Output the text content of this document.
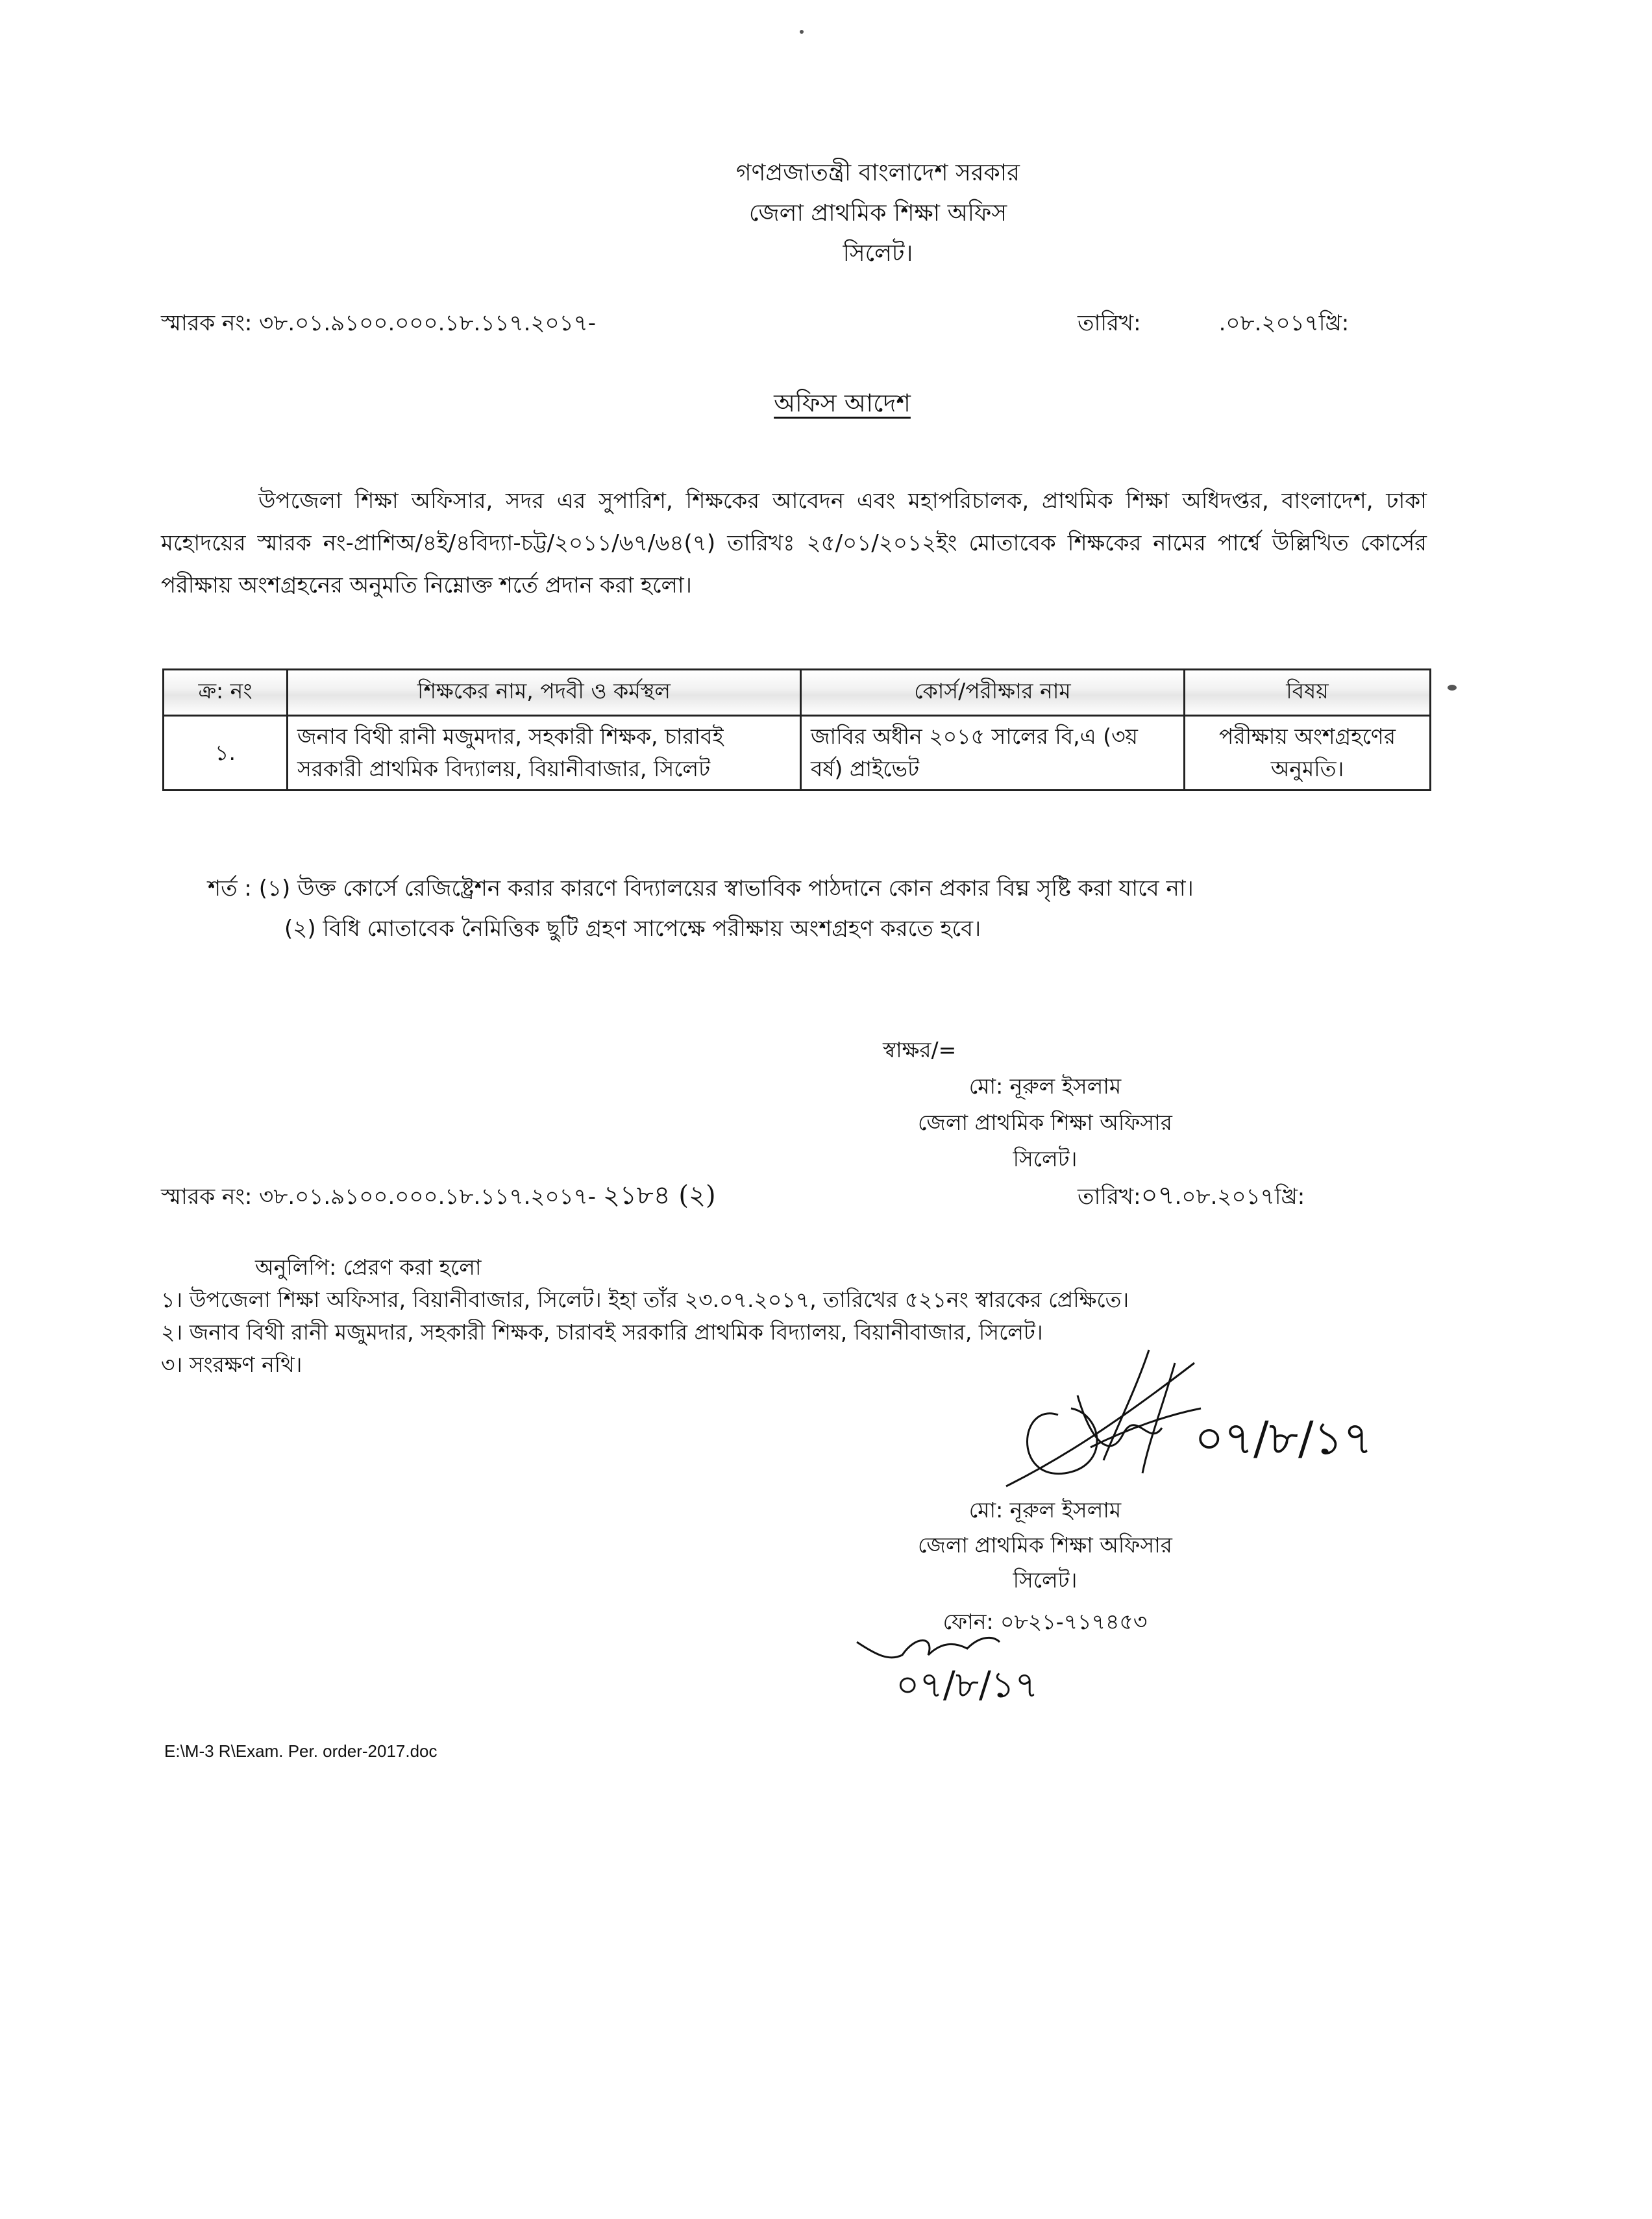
গণপ্রজাতন্ত্রী বাংলাদেশ সরকার
জেলা প্রাথমিক শিক্ষা অফিস
সিলেট।
স্মারক নং: ৩৮.০১.৯১০০.০০০.১৮.১১৭.২০১৭-	তারিখ:	.০৮.২০১৭খ্রি:
অফিস আদেশ

উপজেলা শিক্ষা অফিসার, সদর এর সুপারিশ, শিক্ষকের আবেদন এবং মহাপরিচালক, প্রাথমিক শিক্ষা অধিদপ্তর, বাংলাদেশ, ঢাকা মহোদয়ের স্মারক নং-প্রাশিঅ/৪ই/৪বিদ্যা-চট্ট/২০১১/৬৭/৬৪(৭) তারিখঃ ২৫/০১/২০১২ইং মোতাবেক শিক্ষকের নামের পার্শ্বে উল্লিখিত কোর্সের পরীক্ষায় অংশগ্রহনের অনুমতি নিম্নোক্ত শর্তে প্রদান করা হলো।

ক্র: নং	শিক্ষকের নাম, পদবী ও কর্মস্থল	কোর্স/পরীক্ষার নাম	বিষয়
১.	জনাব বিথী রানী মজুমদার, সহকারী শিক্ষক, চারাবই সরকারী প্রাথমিক বিদ্যালয়, বিয়ানীবাজার, সিলেট	জাবির অধীন ২০১৫ সালের বি,এ (৩য় বর্ষ) প্রাইভেট	পরীক্ষায় অংশগ্রহণের অনুমতি।
শর্ত : (১) উক্ত কোর্সে রেজিষ্ট্রেশন করার কারণে বিদ্যালয়ের স্বাভাবিক পাঠদানে কোন প্রকার বিঘ্ন সৃষ্টি করা যাবে না।
(২) বিধি মোতাবেক নৈমিত্তিক ছুটি গ্রহণ সাপেক্ষে পরীক্ষায় অংশগ্রহণ করতে হবে।
স্বাক্ষর/=
মো: নূরুল ইসলাম
জেলা প্রাথমিক শিক্ষা অফিসার
সিলেট।
স্মারক নং: ৩৮.০১.৯১০০.০০০.১৮.১১৭.২০১৭- ২১৮৪ (২)	তারিখ:০৭.০৮.২০১৭খ্রি:
অনুলিপি: প্রেরণ করা হলো
১। উপজেলা শিক্ষা অফিসার, বিয়ানীবাজার, সিলেট। ইহা তাঁর ২৩.০৭.২০১৭, তারিখের ৫২১নং স্বারকের প্রেক্ষিতে।
২। জনাব বিথী রানী মজুমদার, সহকারী শিক্ষক, চারাবই সরকারি প্রাথমিক বিদ্যালয়, বিয়ানীবাজার, সিলেট।
৩। সংরক্ষণ নথি।
০৭/৮/১৭
মো: নূরুল ইসলাম
জেলা প্রাথমিক শিক্ষা অফিসার
সিলেট।
ফোন: ০৮২১-৭১৭৪৫৩
০৭/৮/১৭
E:\M-3 R\Exam. Per. order-2017.doc
